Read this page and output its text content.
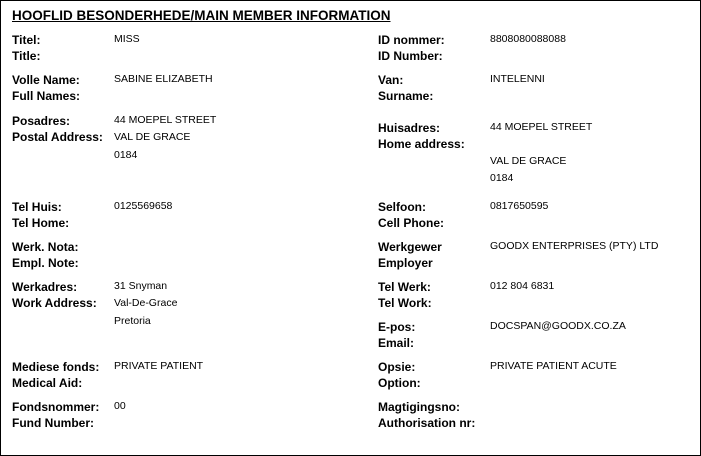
HOOFLID BESONDERHEDE/MAIN MEMBER INFORMATION
Titel:
Title:
MISS
Volle Name:
Full Names:
SABINE ELIZABETH
Posadres:
Postal Address:
44 MOEPEL STREET
VAL DE GRACE
0184
Tel Huis:
Tel Home:
0125569658
Werk. Nota:
Empl. Note:
Werkadres:
Work Address:
31 Snyman
Val-De-Grace
Pretoria
Mediese fonds:
Medical Aid:
PRIVATE PATIENT
Fondsnommer:
Fund Number:
00
ID nommer:
ID Number:
8808080088088
Van:
Surname:
INTELENNI
Huisadres:
Home address:
44 MOEPEL STREET
VAL DE GRACE
0184
Selfoon:
Cell Phone:
0817650595
Werkgewer
Employer
GOODX ENTERPRISES (PTY) LTD
Tel Werk:
Tel Work:
012 804 6831
E-pos:
Email:
DOCSPAN@GOODX.CO.ZA
Opsie:
Option:
PRIVATE PATIENT ACUTE
Magtigingsno:
Authorisation nr:
